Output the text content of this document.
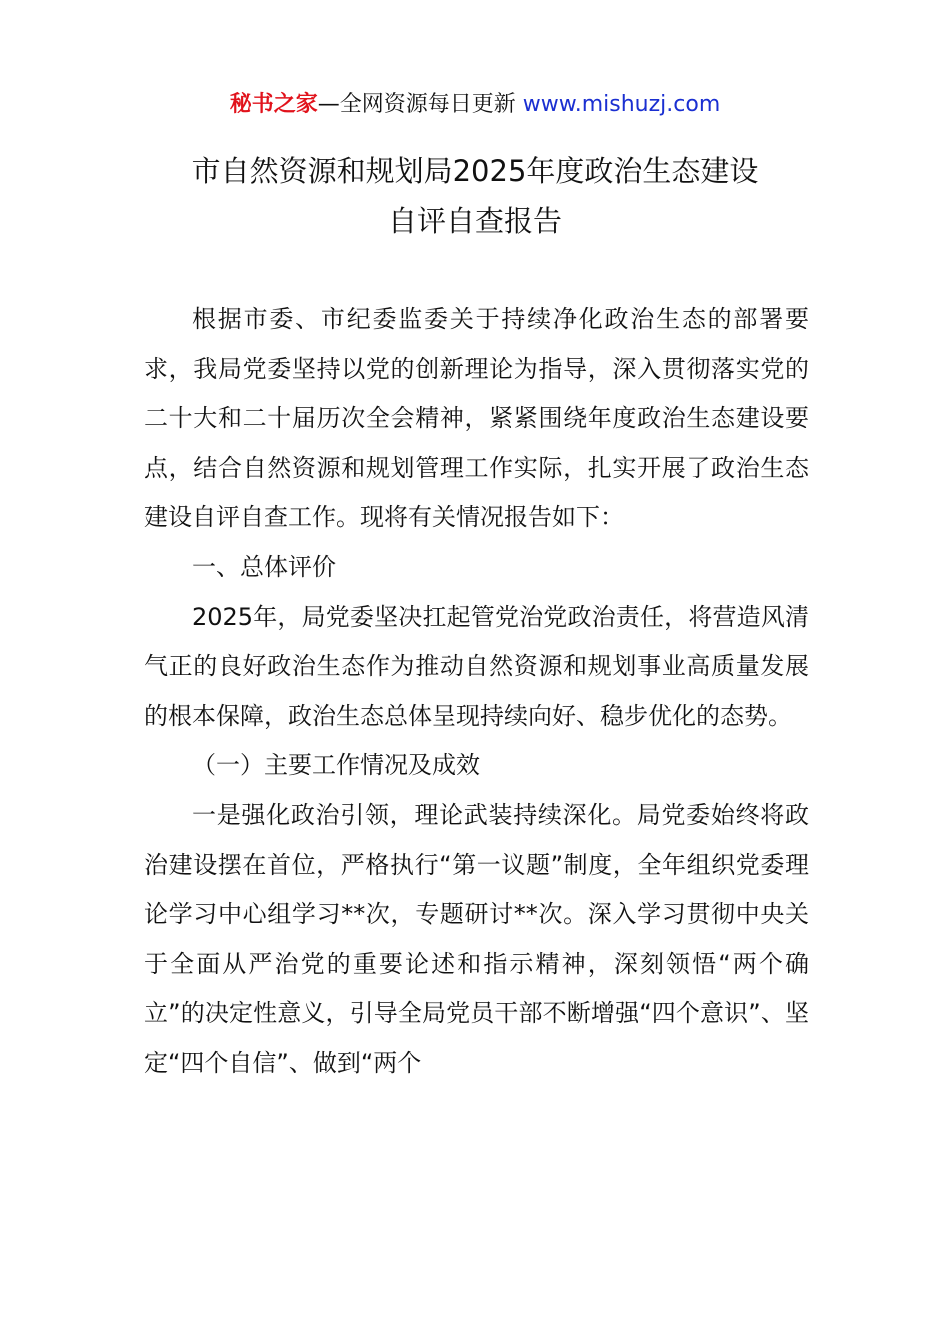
秘书之家—全网资源每日更新 www.mishuzj.com
市自然资源和规划局2025年度政治生态建设
自评自查报告

根据市委、市纪委监委关于持续净化政治生态的部署要求，我局党委坚持以党的创新理论为指导，深入贯彻落实党的二十大和二十届历次全会精神，紧紧围绕年度政治生态建设要点，结合自然资源和规划管理工作实际，扎实开展了政治生态建设自评自查工作。现将有关情况报告如下：

一、总体评价

2025年，局党委坚决扛起管党治党政治责任，将营造风清气正的良好政治生态作为推动自然资源和规划事业高质量发展的根本保障，政治生态总体呈现持续向好、稳步优化的态势。

（一）主要工作情况及成效

一是强化政治引领，理论武装持续深化。局党委始终将政治建设摆在首位，严格执行“第一议题”制度，全年组织党委理论学习中心组学习**次，专题研讨**次。深入学习贯彻中央关于全面从严治党的重要论述和指示精神，深刻领悟“两个确立”的决定性意义，引导全局党员干部不断增强“四个意识”、坚定“四个自信”、做到“两个
